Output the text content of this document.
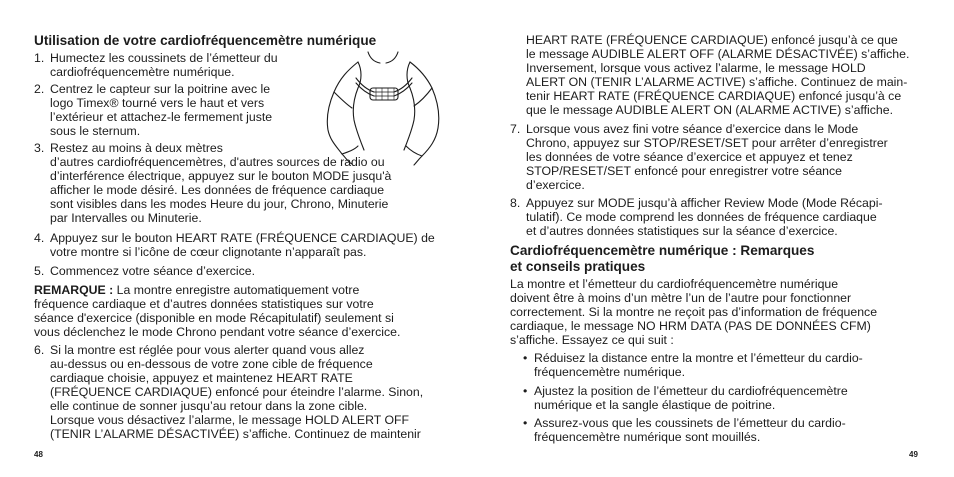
Utilisation de votre cardiofréquencemètre numérique
1. Humectez les coussinets de l’émetteur du
cardiofréquencemètre numérique.
2. Centrez le capteur sur la poitrine avec le
logo Timex® tourné vers le haut et vers
l’extérieur et attachez-le fermement juste
sous le sternum.
3. Restez au moins à deux mètres
d’autres cardiofréquencemètres, d'autres sources de radio ou
d’interférence électrique, appuyez sur le bouton MODE jusqu'à
afficher le mode désiré. Les données de fréquence cardiaque
sont visibles dans les modes Heure du jour, Chrono, Minuterie
par Intervalles ou Minuterie.
4. Appuyez sur le bouton HEART RATE (FRÉQUENCE CARDIAQUE) de
votre montre si l’icône de cœur clignotante n’apparaît pas.
5. Commencez votre séance d’exercice.
REMARQUE : La montre enregistre automatiquement votre
fréquence cardiaque et d’autres données statistiques sur votre
séance d'exercice (disponible en mode Récapitulatif) seulement si
vous déclenchez le mode Chrono pendant votre séance d’exercice.
6. Si la montre est réglée pour vous alerter quand vous allez
au-dessus ou en-dessous de votre zone cible de fréquence
cardiaque choisie, appuyez et maintenez HEART RATE
(FRÉQUENCE CARDIAQUE) enfoncé pour éteindre l’alarme. Sinon,
elle continue de sonner jusqu’au retour dans la zone cible.
Lorsque vous désactivez l’alarme, le message HOLD ALERT OFF
(TENIR L’ALARME DÉSACTIVÉE) s’affiche. Continuez de maintenir
48
HEART RATE (FRÉQUENCE CARDIAQUE) enfoncé jusqu’à ce que
le message AUDIBLE ALERT OFF (ALARME DÉSACTIVÉE) s’affiche.
Inversement, lorsque vous activez l’alarme, le message HOLD
ALERT ON (TENIR L’ALARME ACTIVE) s’affiche. Continuez de main-
tenir HEART RATE (FRÉQUENCE CARDIAQUE) enfoncé jusqu’à ce
que le message AUDIBLE ALERT ON (ALARME ACTIVE) s’affiche.
7. Lorsque vous avez fini votre séance d’exercice dans le Mode
Chrono, appuyez sur STOP/RESET/SET pour arrêter d’enregistrer
les données de votre séance d’exercice et appuyez et tenez
STOP/RESET/SET enfoncé pour enregistrer votre séance
d’exercice.
8. Appuyez sur MODE jusqu’à afficher Review Mode (Mode Récapi-
tulatif). Ce mode comprend les données de fréquence cardiaque
et d’autres données statistiques sur la séance d’exercice.
Cardiofréquencemètre numérique : Remarques
et conseils pratiques
La montre et l’émetteur du cardiofréquencemètre numérique
doivent être à moins d’un mètre l’un de l’autre pour fonctionner
correctement. Si la montre ne reçoit pas d’information de fréquence
cardiaque, le message NO HRM DATA (PAS DE DONNÉES CFM)
s’affiche. Essayez ce qui suit :
• Réduisez la distance entre la montre et l’émetteur du cardio-
fréquencemètre numérique.
• Ajustez la position de l’émetteur du cardiofréquencemètre
numérique et la sangle élastique de poitrine.
• Assurez-vous que les coussinets de l’émetteur du cardio-
fréquencemètre numérique sont mouillés.
49
